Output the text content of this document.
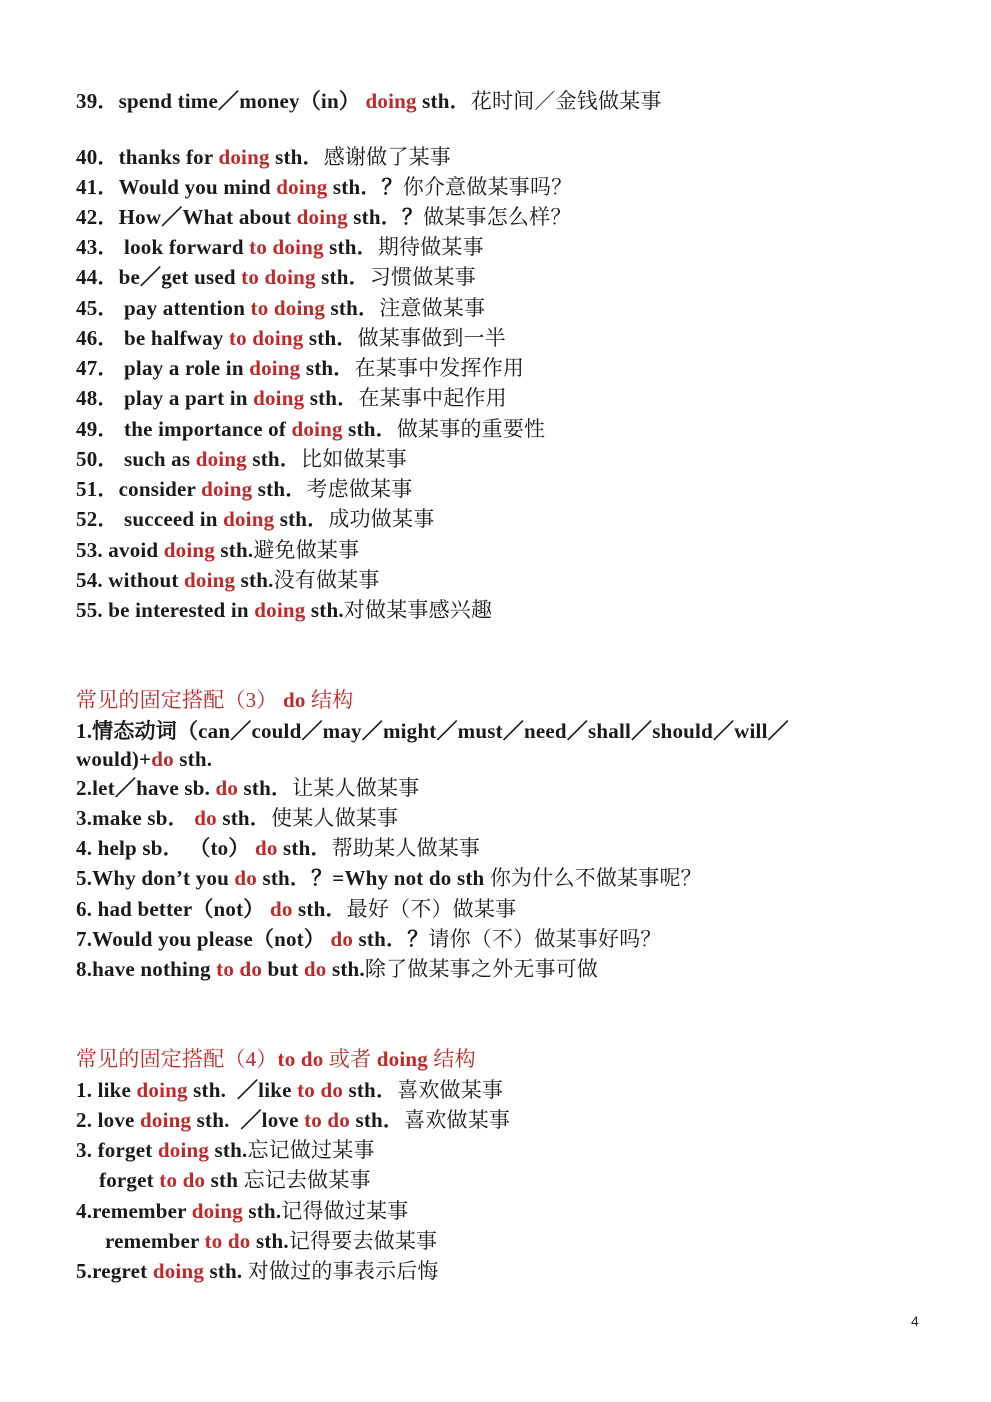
39．spend time／money（in） doing sth．花时间／金钱做某事
40．thanks for doing sth．感谢做了某事
41．Would you mind doing sth．？你介意做某事吗？
42．How／What about doing sth．？做某事怎么样？
43． look forward to doing sth．期待做某事
44．be／get used to doing sth．习惯做某事
45． pay attention to doing sth．注意做某事
46． be halfway to doing sth．做某事做到一半
47． play a role in doing sth．在某事中发挥作用
48． play a part in doing sth．在某事中起作用
49． the importance of doing sth．做某事的重要性
50． such as doing sth．比如做某事
51．consider doing sth．考虑做某事
52． succeed in doing sth．成功做某事
53. avoid doing sth.避免做某事
54. without doing sth.没有做某事
55. be interested in doing sth.对做某事感兴趣
常见的固定搭配（3） do 结构
1.情态动词（can／could／may／might／must／need／shall／should／will／
would)+do sth.
2.let／have sb. do sth．让某人做某事
3.make sb． do sth．使某人做某事
4. help sb． （to） do sth．帮助某人做某事
5.Why don’t you do sth．？=Why not do sth 你为什么不做某事呢？
6. had better（not） do sth．最好（不）做某事
7.Would you please（not） do sth．？请你（不）做某事好吗？
8.have nothing to do but do sth.除了做某事之外无事可做
常见的固定搭配（4）to do 或者 doing 结构
1. like doing sth.  ／like to do sth．喜欢做某事
2. love doing sth.  ／love to do sth．喜欢做某事
3. forget doing sth.忘记做过某事
forget to do sth 忘记去做某事
4.remember doing sth.记得做过某事
remember to do sth.记得要去做某事
5.regret doing sth. 对做过的事表示后悔
4
